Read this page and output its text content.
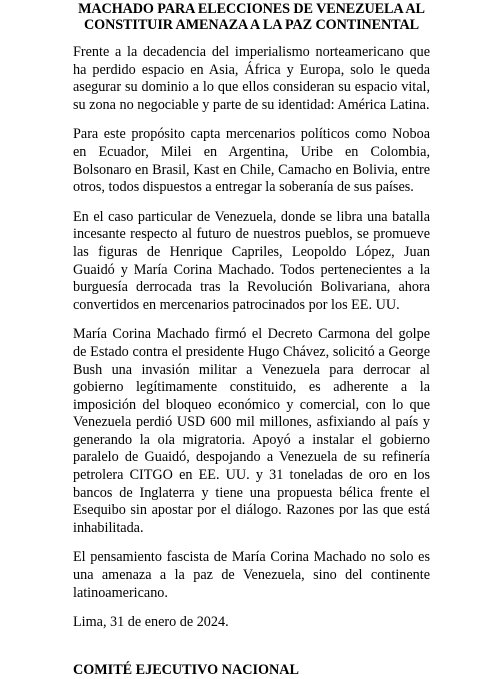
MACHADO PARA ELECCIONES DE VENEZUELA AL CONSTITUIR AMENAZA A LA PAZ CONTINENTAL

Frente a la decadencia del imperialismo norteamericano que ha perdido espacio en Asia, África y Europa, solo le queda asegurar su dominio a lo que ellos consideran su espacio vital, su zona no negociable y parte de su identidad: América Latina.

Para este propósito capta mercenarios políticos como Noboa en Ecuador, Milei en Argentina, Uribe en Colombia, Bolsonaro en Brasil, Kast en Chile, Camacho en Bolivia, entre otros, todos dispuestos a entregar la soberanía de sus países.

En el caso particular de Venezuela, donde se libra una batalla incesante respecto al futuro de nuestros pueblos, se promueve las figuras de Henrique Capriles, Leopoldo López, Juan Guaidó y María Corina Machado. Todos pertenecientes a la burguesía derrocada tras la Revolución Bolivariana, ahora convertidos en mercenarios patrocinados por los EE. UU.

María Corina Machado firmó el Decreto Carmona del golpe de Estado contra el presidente Hugo Chávez, solicitó a George Bush una invasión militar a Venezuela para derrocar al gobierno legítimamente constituido, es adherente a la imposición del bloqueo económico y comercial, con lo que Venezuela perdió USD 600 mil millones, asfixiando al país y generando la ola migratoria. Apoyó a instalar el gobierno paralelo de Guaidó, despojando a Venezuela de su refinería petrolera CITGO en EE. UU. y 31 toneladas de oro en los bancos de Inglaterra y tiene una propuesta bélica frente el Esequibo sin apostar por el diálogo. Razones por las que está inhabilitada.

El pensamiento fascista de María Corina Machado no solo es una amenaza a la paz de Venezuela, sino del continente latinoamericano.

Lima, 31 de enero de 2024.

COMITÉ EJECUTIVO NACIONAL
